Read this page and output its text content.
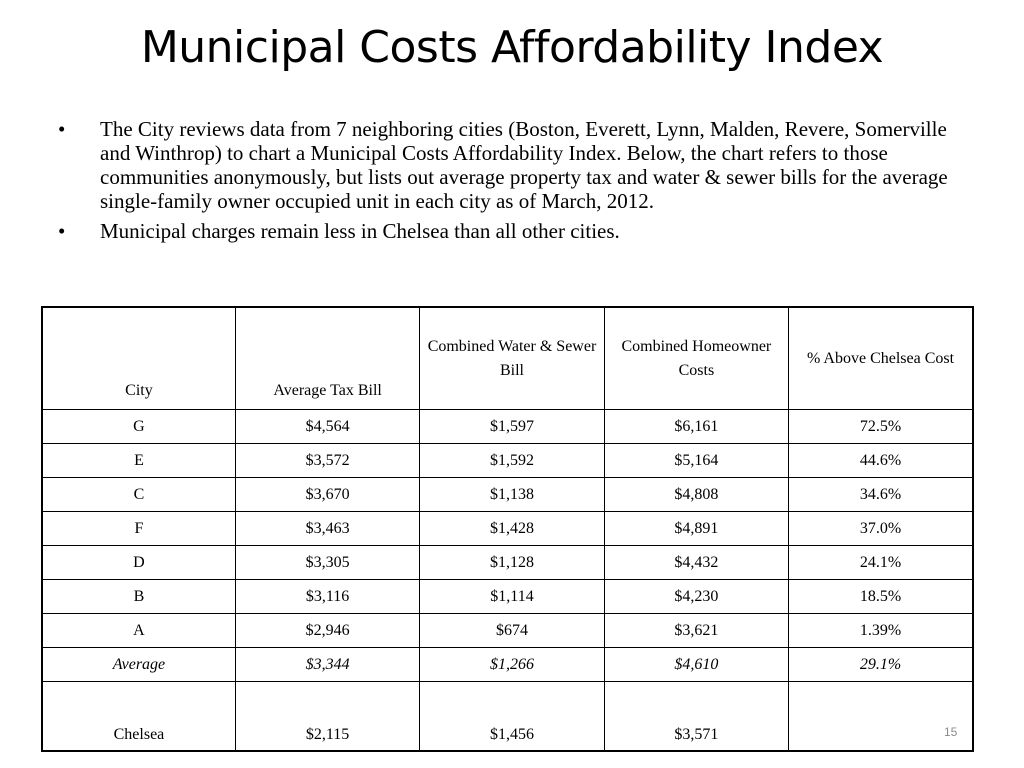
Municipal Costs Affordability Index
• The City reviews data from 7 neighboring cities (Boston, Everett, Lynn, Malden, Revere, Somerville and Winthrop) to chart a Municipal Costs Affordability Index. Below, the chart refers to those communities anonymously, but lists out average property tax and water & sewer bills for the average single-family owner occupied unit in each city as of March, 2012.
• Municipal charges remain less in Chelsea than all other cities.
City	Average Tax Bill	Combined Water & Sewer Bill	Combined Homeowner Costs	% Above Chelsea Cost
G	$4,564	$1,597	$6,161	72.5%
E	$3,572	$1,592	$5,164	44.6%
C	$3,670	$1,138	$4,808	34.6%
F	$3,463	$1,428	$4,891	37.0%
D	$3,305	$1,128	$4,432	24.1%
B	$3,116	$1,114	$4,230	18.5%
A	$2,946	$674	$3,621	1.39%
Average	$3,344	$1,266	$4,610	29.1%
Chelsea	$2,115	$1,456	$3,571		15
